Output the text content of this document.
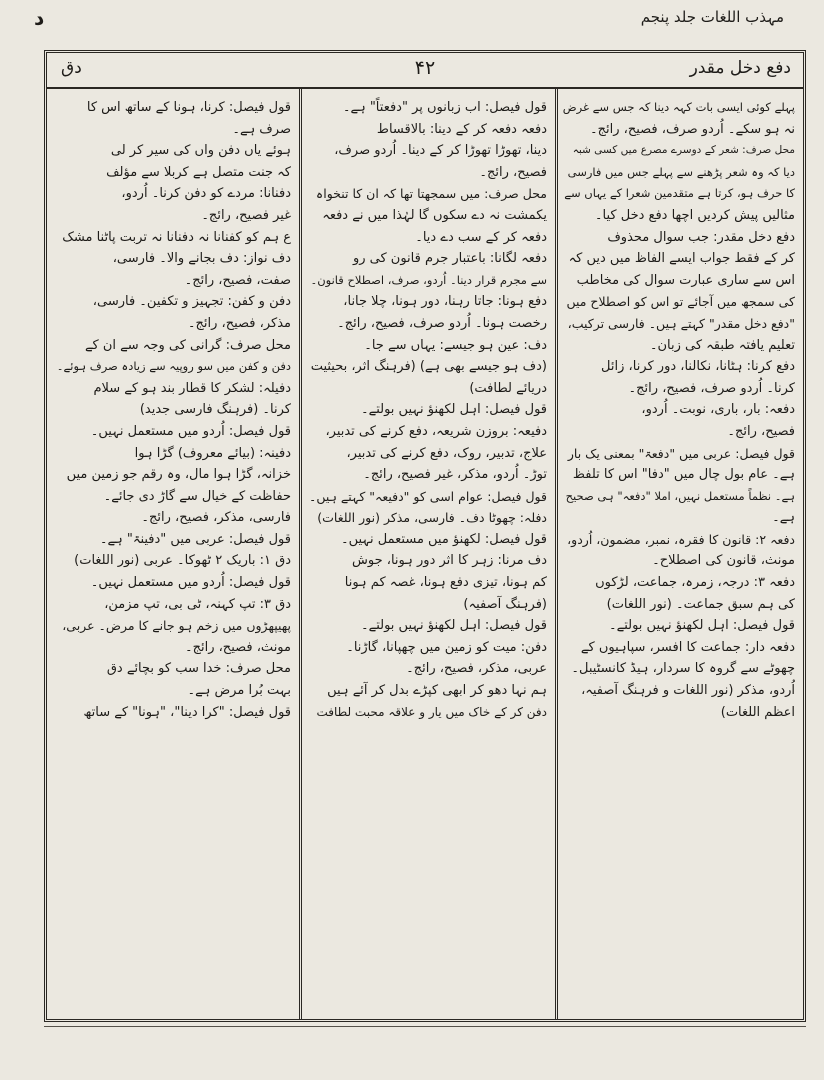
د	مہذب اللغات جلد پنجم
دفع دخل مقدر
۴۲
دق
پہلے کوئی ایسی بات کہہ دینا کہ جس سے غرض
نہ ہو سکے۔ اُردو صرف، فصیح، رائج۔
محل صرف: شعر کے دوسرے مصرع میں کسی شبہ
دیا کہ وہ شعر پڑھنے سے پہلے جس میں فارسی
کا حرف ہو، کرتا ہے متقدمین شعرا کے یہاں سے
مثالیں پیش کردیں اچھا دفع دخل کیا۔
دفع دخل مقدر: جب سوال محذوف
کر کے فقط جواب ایسے الفاظ میں دیں کہ
اس سے ساری عبارت سوال کی مخاطب
کی سمجھ میں آجائے تو اس کو اصطلاح میں
"دفع دخل مقدر" کہتے ہیں۔ فارسی ترکیب،
تعلیم یافتہ طبقہ کی زبان۔
دفع کرنا: ہٹانا، نکالنا، دور کرنا، زائل
کرنا۔ اُردو صرف، فصیح، رائج۔
دفعہ: بار، باری، نوبت۔ اُردو،
فصیح، رائج۔
قول فیصل: عربی میں "دفعۃ" بمعنی یک بار
ہے۔ عام بول چال میں "دفا" اس کا تلفظ
ہے۔ نظماً مستعمل نہیں، املا "دفعہ" ہی صحیح
ہے۔
دفعہ ۲: قانون کا فقرہ، نمبر، مضمون، اُردو،
مونث، قانون کی اصطلاح۔
دفعہ ۳: درجہ، زمرہ، جماعت، لڑکوں
کی ہم سبق جماعت۔ (نور اللغات)
قول فیصل: اہل لکھنؤ نہیں بولتے۔
دفعہ دار: جماعت کا افسر، سپاہیوں کے
چھوٹے سے گروہ کا سردار، ہیڈ کانسٹیبل۔
اُردو، مذکر (نور اللغات و فرہنگ آصفیہ،
اعظم اللغات)
قول فیصل: اب زبانوں پر "دفعتاً" ہے۔
دفعہ دفعہ کر کے دینا: بالاقساط
دینا، تھوڑا تھوڑا کر کے دینا۔ اُردو صرف،
فصیح، رائج۔
محل صرف: میں سمجھتا تھا کہ ان کا تنخواہ
یکمشت نہ دے سکوں گا لہٰذا میں نے دفعہ
دفعہ کر کے سب دے دیا۔
دفعہ لگانا: باعتبار جرم قانون کی رو
سے مجرم قرار دینا۔ اُردو، صرف، اصطلاح قانون۔
دفع ہونا: جاتا رہنا، دور ہونا، چلا جانا،
رخصت ہونا۔ اُردو صرف، فصیح، رائج۔
دف: عین ہو جیسے: یہاں سے جا۔
(دف ہو جیسے بھی ہے) (فرہنگ اثر، بحیثیت
دریائے لطافت)
قول فیصل: اہل لکھنؤ نہیں بولتے۔
دفیعہ: بروزن شریعہ، دفع کرنے کی تدبیر،
علاج، تدبیر، روک، دفع کرنے کی تدبیر،
توڑ۔ اُردو، مذکر، غیر فصیح، رائج۔
قول فیصل: عوام اسی کو "دفیعہ" کہتے ہیں۔
دفلہ: چھوٹا دف۔ فارسی، مذکر (نور اللغات)
قول فیصل: لکھنؤ میں مستعمل نہیں۔
دف مرنا: زہر کا اثر دور ہونا، جوش
کم ہونا، تیزی دفع ہونا، غصہ کم ہونا
(فرہنگ آصفیہ)
قول فیصل: اہل لکھنؤ نہیں بولتے۔
دفن: میت کو زمین میں چھپانا، گاڑنا۔
عربی، مذکر، فصیح، رائج۔
ہم نہا دھو کر ابھی کپڑے بدل کر آئے ہیں
دفن کر کے خاک میں یار و علاقہ محبت لطافت
قول فیصل: کرنا، ہونا کے ساتھ اس کا
صرف ہے۔
ہوئے یاں دفن واں کی سیر کر لی
کہ جنت متصل ہے کربلا سے مؤلف
دفنانا: مردے کو دفن کرنا۔ اُردو،
غیر فصیح، رائج۔
ع ہم کو کفنانا نہ دفنانا نہ تربت پاٹنا مشک
دف نواز: دف بجانے والا۔ فارسی،
صفت، فصیح، رائج۔
دفن و کفن: تجہیز و تکفین۔ فارسی،
مذکر، فصیح، رائج۔
محل صرف: گرانی کی وجہ سے ان کے
دفن و کفن میں سو روپیہ سے زیادہ صرف ہوئے۔
دفیلہ: لشکر کا قطار بند ہو کے سلام
کرنا۔ (فرہنگ فارسی جدید)
قول فیصل: اُردو میں مستعمل نہیں۔
دفینہ: (بیائے معروف) گڑا ہوا
خزانہ، گڑا ہوا مال، وہ رقم جو زمین میں
حفاظت کے خیال سے گاڑ دی جائے۔
فارسی، مذکر، فصیح، رائج۔
قول فیصل: عربی میں "دفینۃ" ہے۔
دق ۱: باریک ۲ ٹھوکا۔ عربی (نور اللغات)
قول فیصل: اُردو میں مستعمل نہیں۔
دق ۳: تپ کہنہ، ٹی بی، تپ مزمن،
پھیپھڑوں میں زخم ہو جانے کا مرض۔ عربی،
مونث، فصیح، رائج۔
محل صرف: خدا سب کو بچائے دق
بہت بُرا مرض ہے۔
قول فیصل: "کرا دینا"، "ہونا" کے ساتھ
